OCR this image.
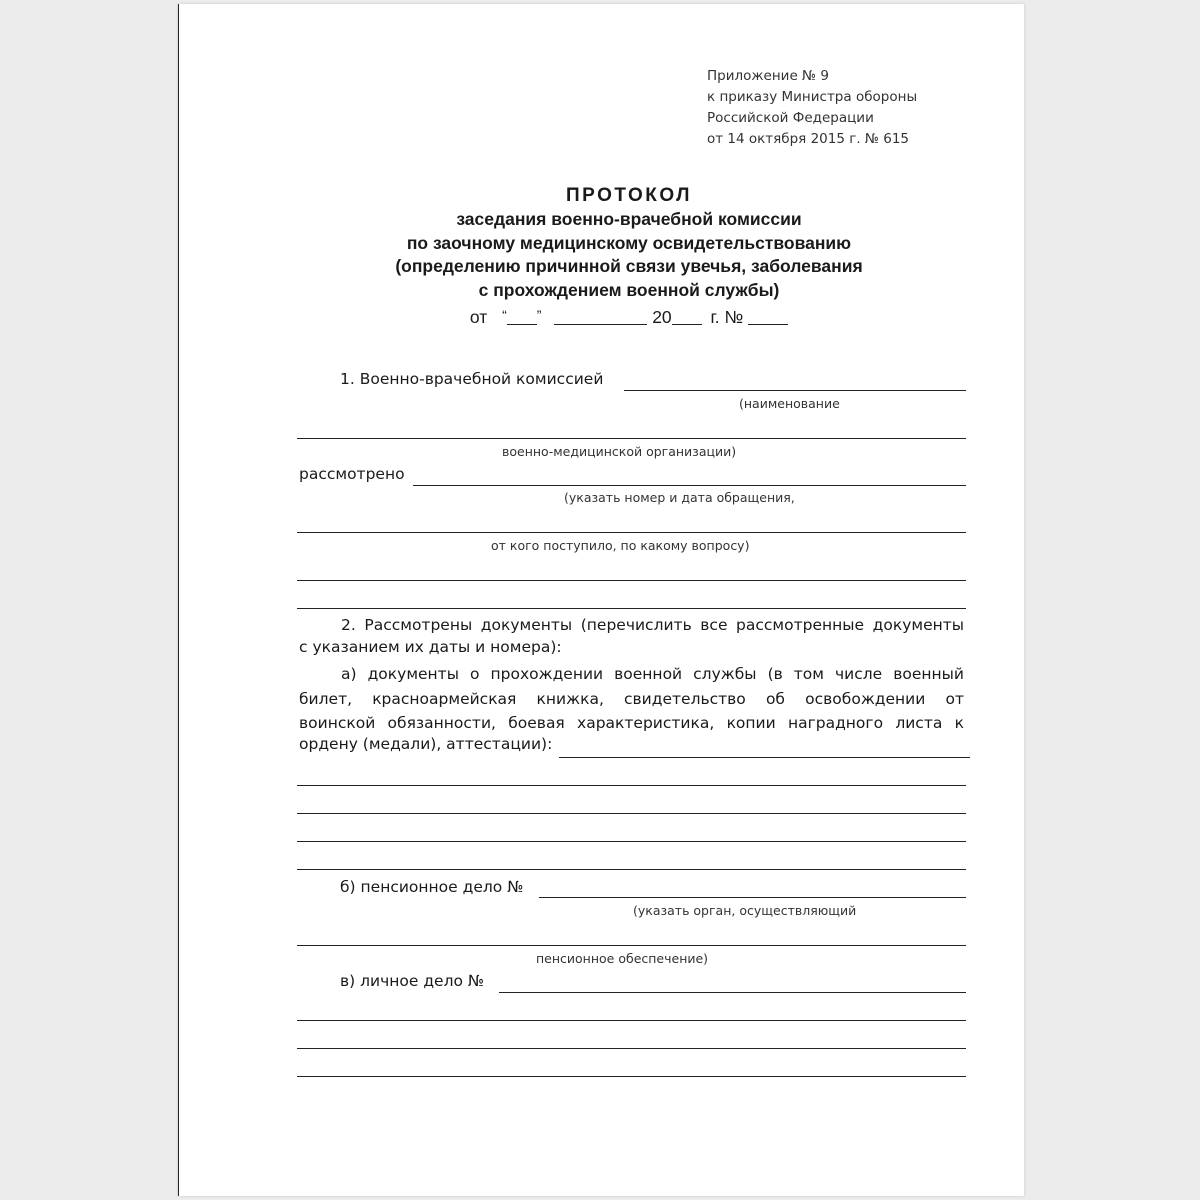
Приложение № 9
к приказу Министра обороны
Российской Федерации
от 14 октября 2015 г. № 615
ПРОТОКОЛ
заседания военно-врачебной комиссии
по заочному медицинскому освидетельствованию
(определению причинной связи увечья, заболевания
с прохождением военной службы)
от “ ”	20 г. №
1. Военно-врачебной комиссией
(наименование
военно-медицинской организации)
рассмотрено
(указать номер и дата обращения,
от кого поступило, по какому вопросу)
2. Рассмотрены документы (перечислить все рассмотренные документы
с указанием их даты и номера):
а) документы о прохождении военной службы (в том числе военный
билет, красноармейская книжка, свидетельство об освобождении от
воинской обязанности, боевая характеристика, копии наградного листа к
ордену (медали), аттестации):
б) пенсионное дело №
(указать орган, осуществляющий
пенсионное обеспечение)
в) личное дело №
